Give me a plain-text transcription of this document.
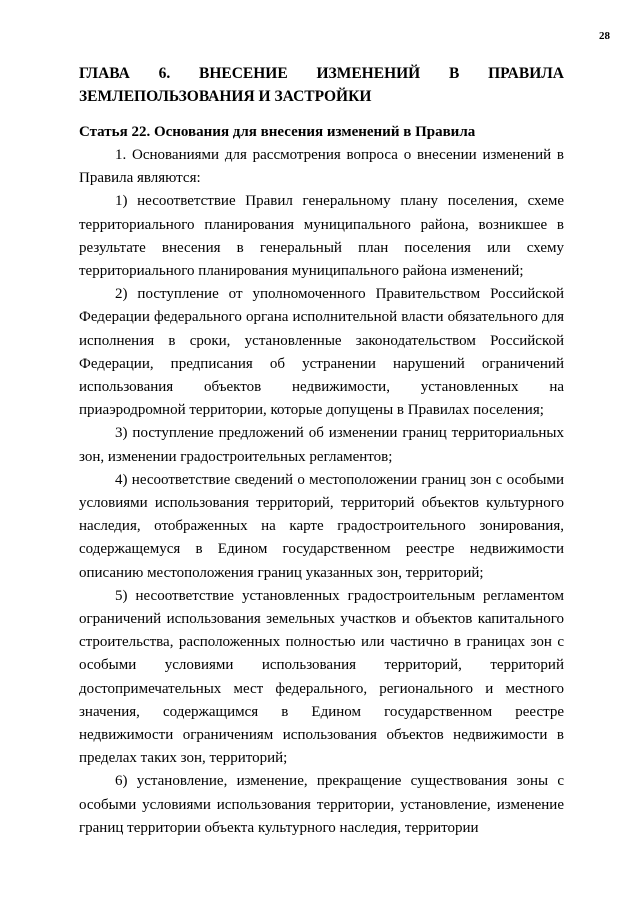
28
ГЛАВА 6. ВНЕСЕНИЕ ИЗМЕНЕНИЙ В ПРАВИЛА ЗЕМЛЕПОЛЬЗОВАНИЯ И ЗАСТРОЙКИ
Статья 22. Основания для внесения изменений в Правила

1. Основаниями для рассмотрения вопроса о внесении изменений в Правила являются:

1) несоответствие Правил генеральному плану поселения, схеме территориального планирования муниципального района, возникшее в результате внесения в генеральный план поселения или схему территориального планирования муниципального района изменений;

2) поступление от уполномоченного Правительством Российской Федерации федерального органа исполнительной власти обязательного для исполнения в сроки, установленные законодательством Российской Федерации, предписания об устранении нарушений ограничений использования объектов недвижимости, установленных на приаэродромной территории, которые допущены в Правилах поселения;

3) поступление предложений об изменении границ территориальных зон, изменении градостроительных регламентов;

4) несоответствие сведений о местоположении границ зон с особыми условиями использования территорий, территорий объектов культурного наследия, отображенных на карте градостроительного зонирования, содержащемуся в Едином государственном реестре недвижимости описанию местоположения границ указанных зон, территорий;

5) несоответствие установленных градостроительным регламентом ограничений использования земельных участков и объектов капитального строительства, расположенных полностью или частично в границах зон с особыми условиями использования территорий, территорий достопримечательных мест федерального, регионального и местного значения, содержащимся в Едином государственном реестре недвижимости ограничениям использования объектов недвижимости в пределах таких зон, территорий;

6) установление, изменение, прекращение существования зоны с особыми условиями использования территории, установление, изменение границ территории объекта культурного наследия, территории
